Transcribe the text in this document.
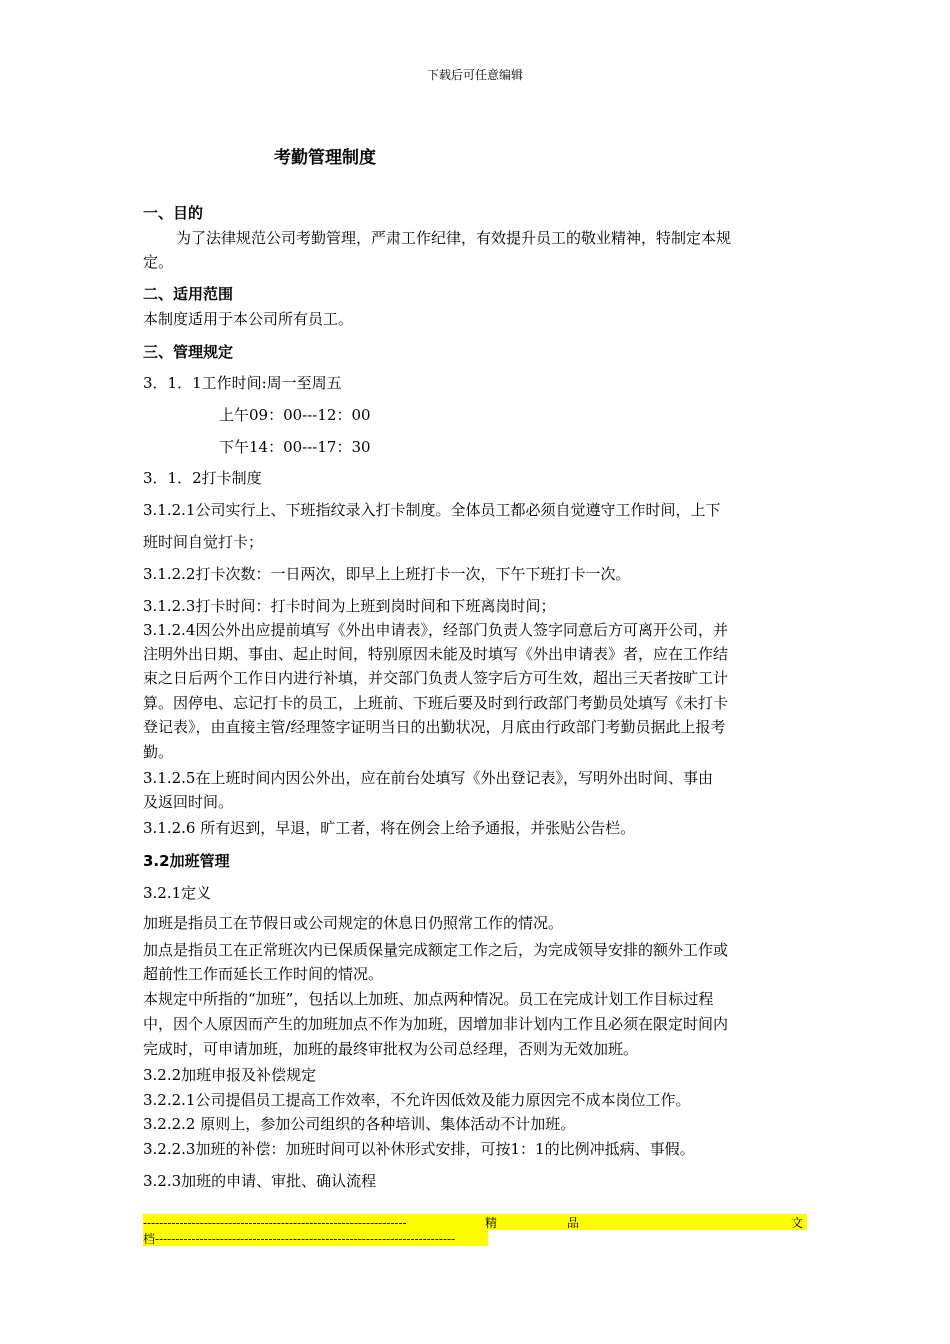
下载后可任意编辑
考勤管理制度
一、目的
为了法律规范公司考勤管理，严肃工作纪律，有效提升员工的敬业精神，特制定本规
定。
二、适用范围
本制度适用于本公司所有员工。
三、管理规定
3．1．1工作时间:周一至周五
上午09：00---12：00
下午14：00---17：30
3．1．2打卡制度
3.1.2.1公司实行上、下班指纹录入打卡制度。全体员工都必须自觉遵守工作时间，上下
班时间自觉打卡；
3.1.2.2打卡次数：一日两次，即早上上班打卡一次，下午下班打卡一次。
3.1.2.3打卡时间：打卡时间为上班到岗时间和下班离岗时间；
3.1.2.4因公外出应提前填写《外出申请表》，经部门负责人签字同意后方可离开公司，并
注明外出日期、事由、起止时间，特别原因未能及时填写《外出申请表》者，应在工作结
束之日后两个工作日内进行补填，并交部门负责人签字后方可生效，超出三天者按旷工计
算。因停电、忘记打卡的员工，上班前、下班后要及时到行政部门考勤员处填写《未打卡
登记表》，由直接主管/经理签字证明当日的出勤状况，月底由行政部门考勤员据此上报考
勤。
3.1.2.5在上班时间内因公外出，应在前台处填写《外出登记表》，写明外出时间、事由
及返回时间。
3.1.2.6 所有迟到，早退，旷工者，将在例会上给予通报，并张贴公告栏。
3.2加班管理
3.2.1定义
加班是指员工在节假日或公司规定的休息日仍照常工作的情况。
加点是指员工在正常班次内已保质保量完成额定工作之后，为完成领导安排的额外工作或
超前性工作而延长工作时间的情况。
本规定中所指的“加班”，包括以上加班、加点两种情况。员工在完成计划工作目标过程
中，因个人原因而产生的加班加点不作为加班，因增加非计划内工作且必须在限定时间内
完成时，可申请加班，加班的最终审批权为公司总经理，否则为无效加班。
3.2.2加班申报及补偿规定
3.2.2.1公司提倡员工提高工作效率，不允许因低效及能力原因完不成本岗位工作。
3.2.2.2 原则上，参加公司组织的各种培训、集体活动不计加班。
3.2.2.3加班的补偿：加班时间可以补休形式安排，可按1：1的比例冲抵病、事假。
3.2.3加班的申请、审批、确认流程
-----------------------------------------------------------------	精	品	文
档--------------------------------------------------------------------------
